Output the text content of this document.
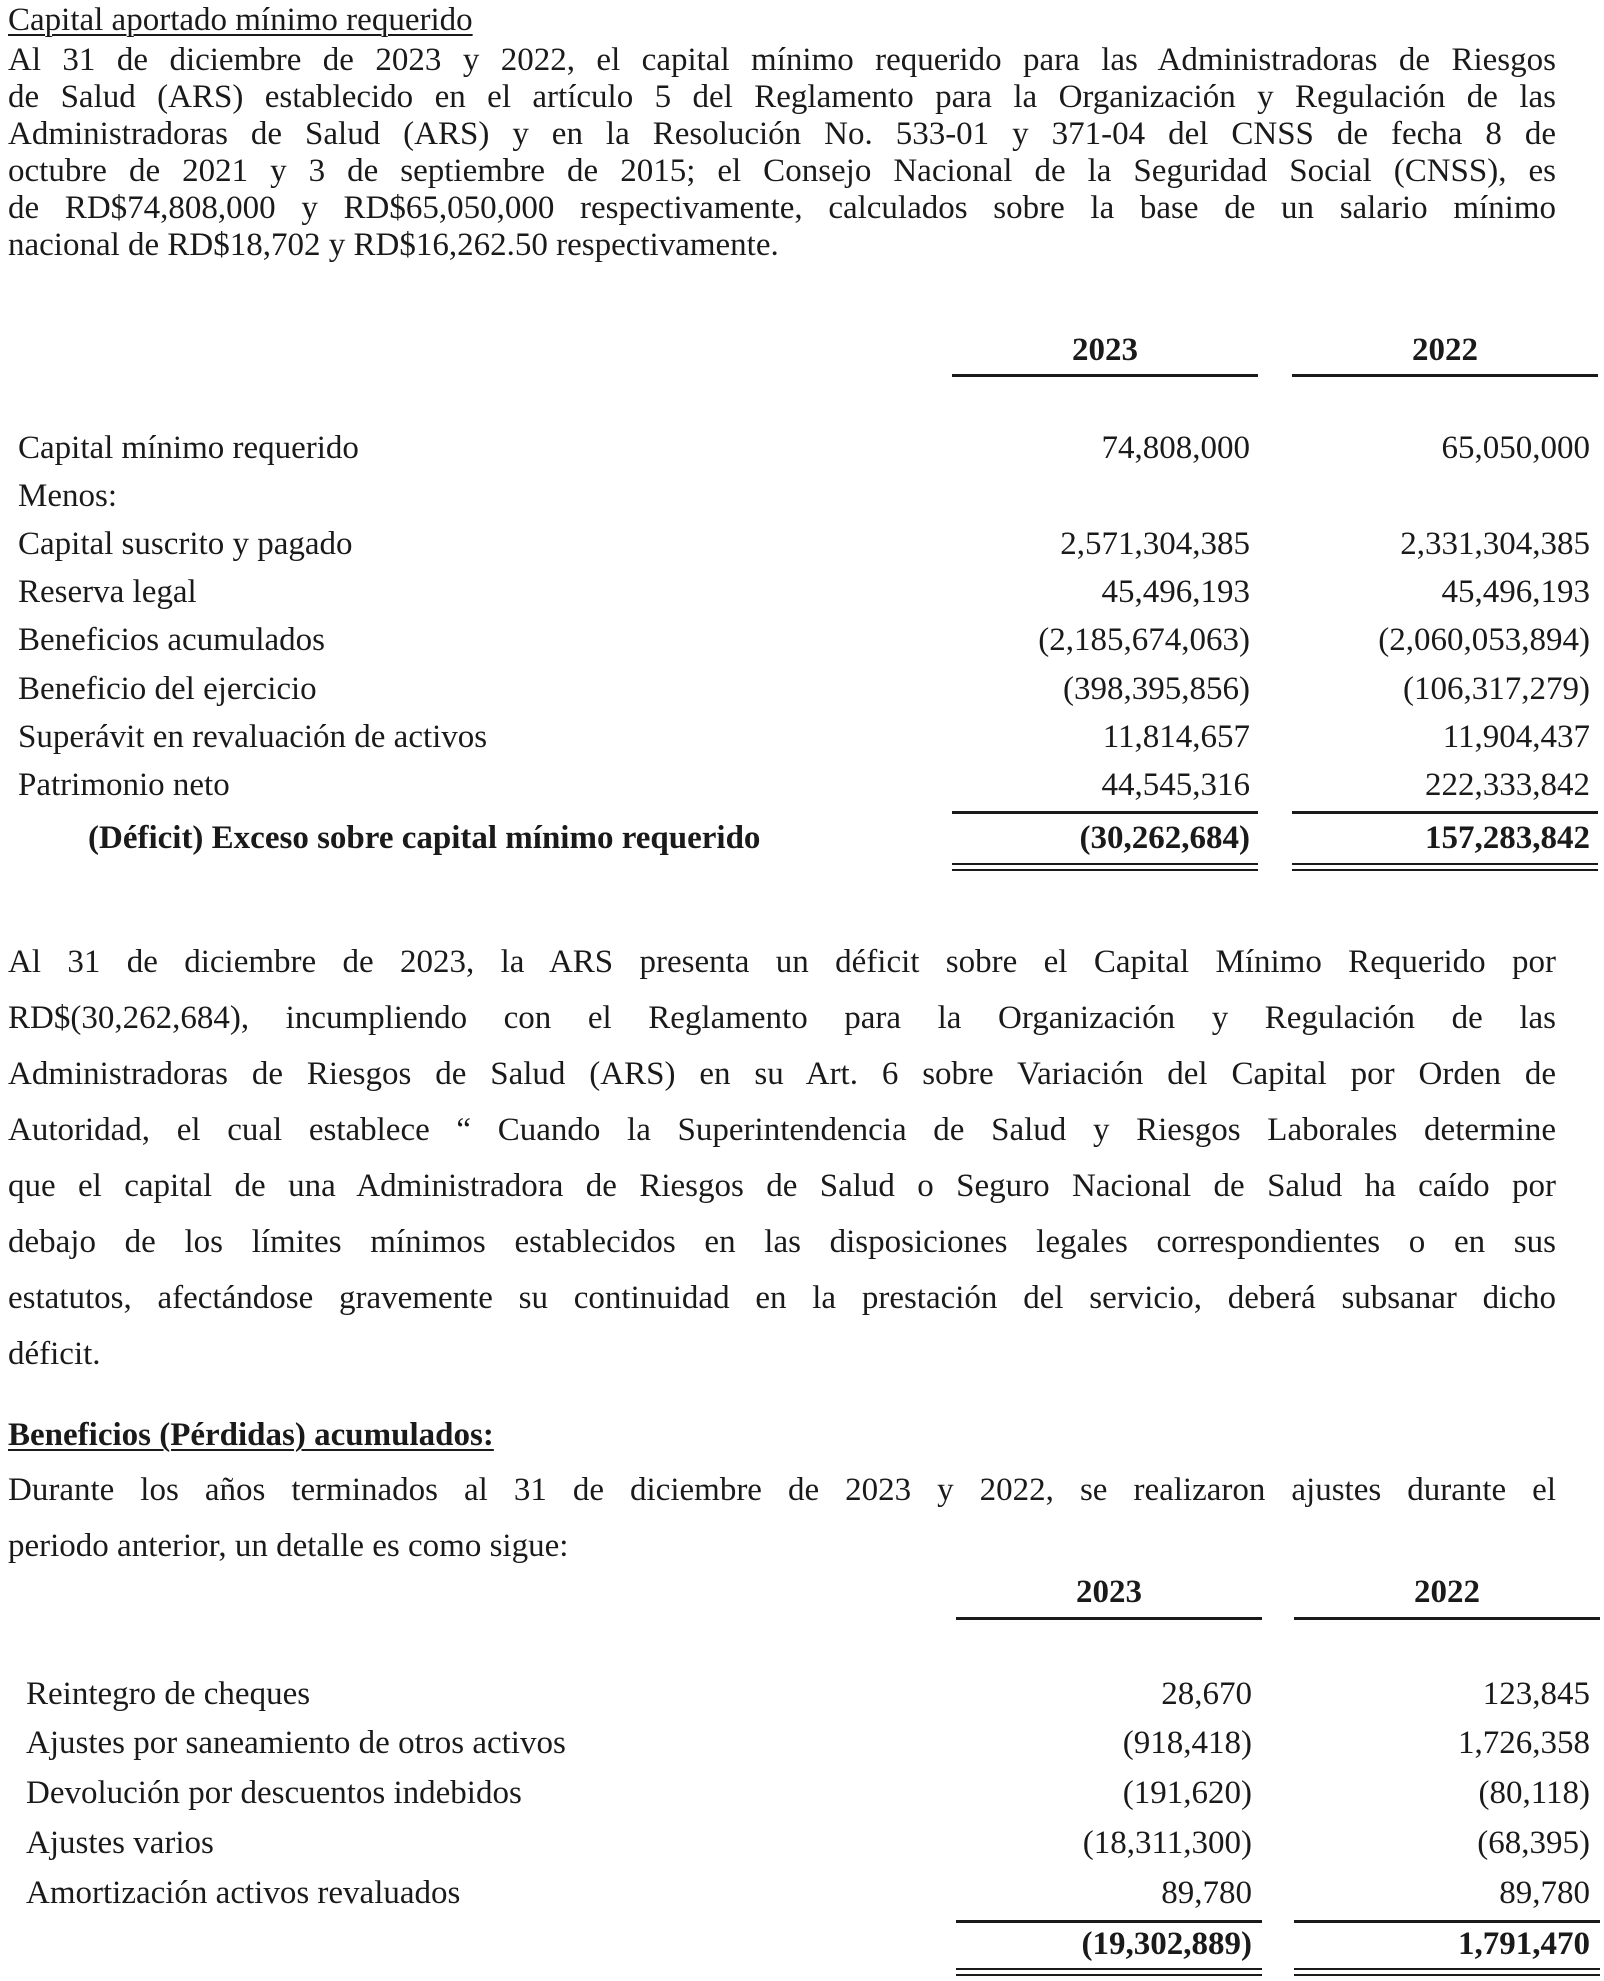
Capital aportado mínimo requerido
Al 31 de diciembre de 2023 y 2022, el capital mínimo requerido para las Administradoras de Riesgos
de Salud (ARS) establecido en el artículo 5 del Reglamento para la Organización y Regulación de las
Administradoras de Salud (ARS) y en la Resolución No. 533-01 y 371-04 del CNSS de fecha 8 de
octubre de 2021 y 3 de septiembre de 2015; el Consejo Nacional de la Seguridad Social (CNSS), es
de RD$74,808,000 y RD$65,050,000 respectivamente, calculados sobre la base de un salario mínimo
nacional de RD$18,702 y RD$16,262.50 respectivamente.
2023	2022
Capital mínimo requerido	74,808,000	65,050,000
Menos:
Capital suscrito y pagado	2,571,304,385	2,331,304,385
Reserva legal	45,496,193	45,496,193
Beneficios acumulados	(2,185,674,063)	(2,060,053,894)
Beneficio del ejercicio	(398,395,856)	(106,317,279)
Superávit en revaluación de activos	11,814,657	11,904,437
Patrimonio neto	44,545,316	222,333,842
(Déficit) Exceso sobre capital mínimo requerido	(30,262,684)	157,283,842
Al 31 de diciembre de 2023, la ARS presenta un déficit sobre el Capital Mínimo Requerido por
RD$(30,262,684), incumpliendo con el Reglamento para la Organización y Regulación de las
Administradoras de Riesgos de Salud (ARS) en su Art. 6 sobre Variación del Capital por Orden de
Autoridad, el cual establece “ Cuando la Superintendencia de Salud y Riesgos Laborales determine
que el capital de una Administradora de Riesgos de Salud o Seguro Nacional de Salud ha caído por
debajo de los límites mínimos establecidos en las disposiciones legales correspondientes o en sus
estatutos, afectándose gravemente su continuidad en la prestación del servicio, deberá subsanar dicho
déficit.
Beneficios (Pérdidas) acumulados:
Durante los años terminados al 31 de diciembre de 2023 y 2022, se realizaron ajustes durante el
periodo anterior, un detalle es como sigue:
2023	2022
Reintegro de cheques	28,670	123,845
Ajustes por saneamiento de otros activos	(918,418)	1,726,358
Devolución por descuentos indebidos	(191,620)	(80,118)
Ajustes varios	(18,311,300)	(68,395)
Amortización activos revaluados	89,780	89,780
(19,302,889)	1,791,470
